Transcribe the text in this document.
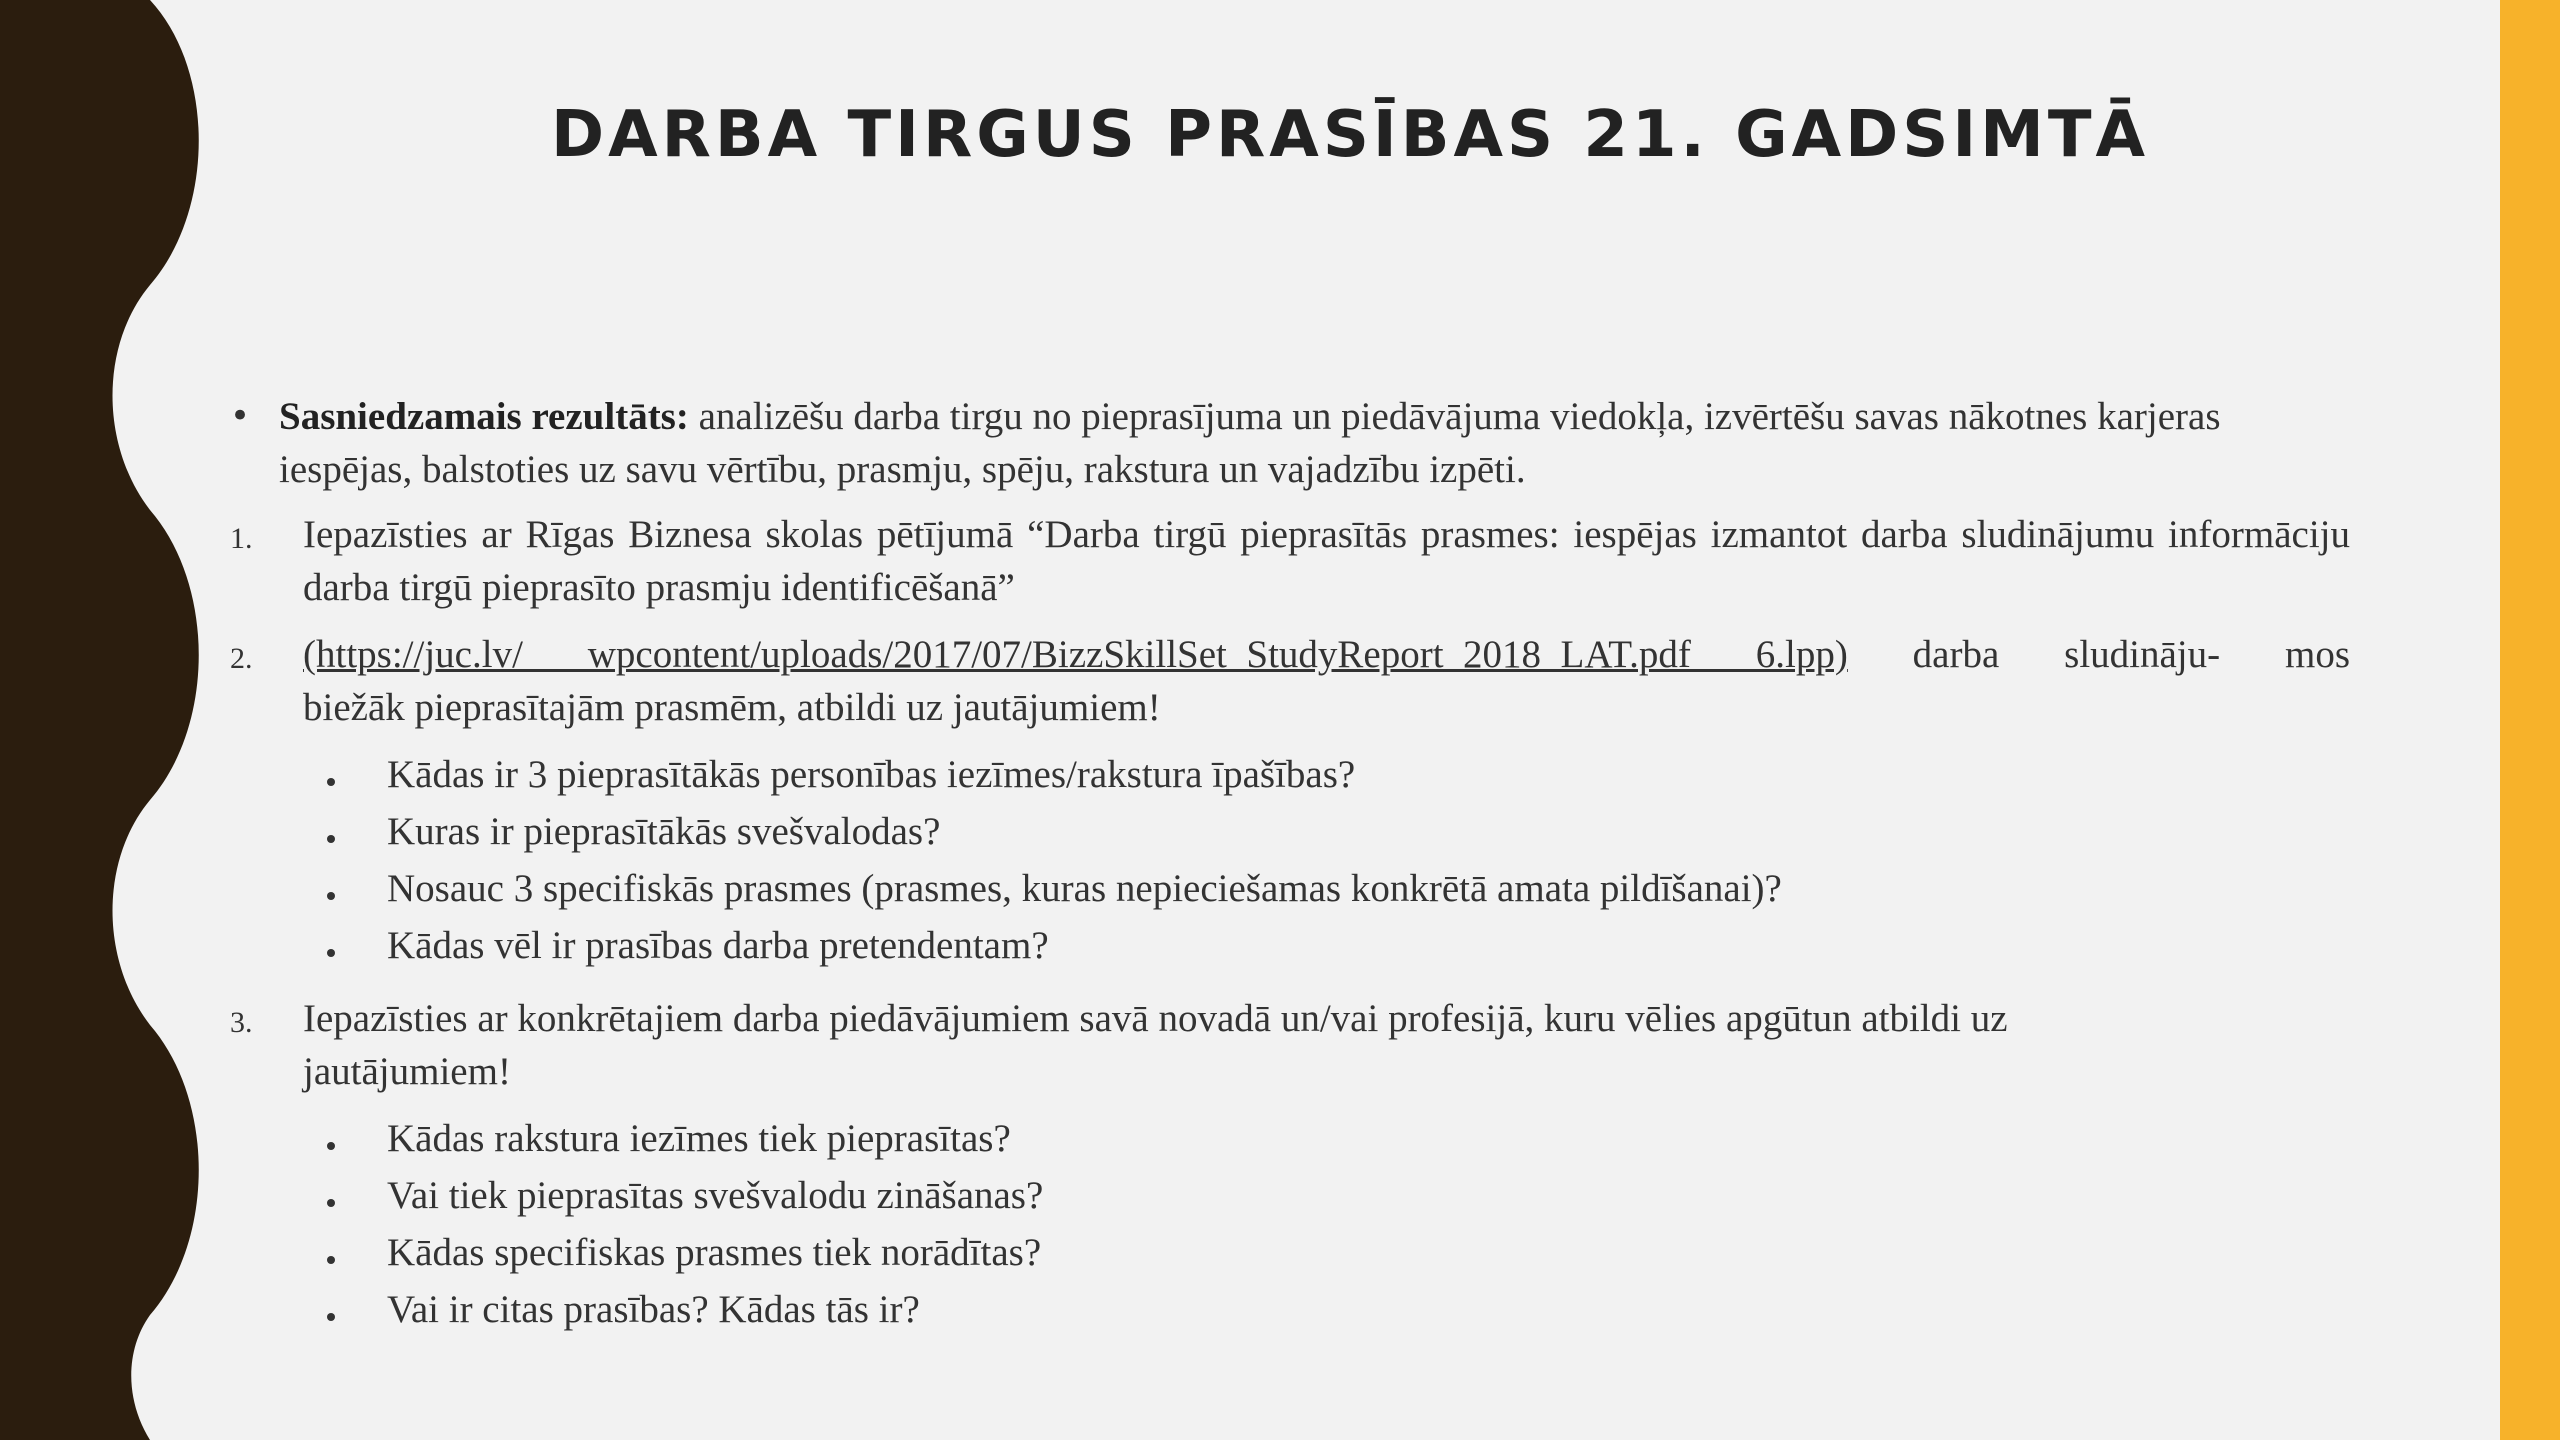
DARBA TIRGUS PRASĪBAS 21. GADSIMTĀ
• Sasniedzamais rezultāts: analizēšu darba tirgu no pieprasījuma un piedāvājuma viedokļa, izvērtēšu savas nākotnes karjeras iespējas, balstoties uz savu vērtību, prasmju, spēju, rakstura un vajadzību izpēti.
1. Iepazīsties ar Rīgas Biznesa skolas pētījumā “Darba tirgū pieprasītās prasmes: iespējas izmantot darba sludinājumu informāciju darba tirgū pieprasīto prasmju identificēšanā”
2. (https://juc.lv/ wpcontent/uploads/2017/07/BizzSkillSet_StudyReport_2018_LAT.pdf 6.lpp) darba sludināju- mos
biežāk pieprasītajām prasmēm, atbildi uz jautājumiem!
Kādas ir 3 pieprasītākās personības iezīmes/rakstura īpašības?
Kuras ir pieprasītākās svešvalodas?
Nosauc 3 specifiskās prasmes (prasmes, kuras nepieciešamas konkrētā amata pildīšanai)?
Kādas vēl ir prasības darba pretendentam?
3. Iepazīsties ar konkrētajiem darba piedāvājumiem savā novadā un/vai profesijā, kuru vēlies apgūtun atbildi uz jautājumiem!
Kādas rakstura iezīmes tiek pieprasītas?
Vai tiek pieprasītas svešvalodu zināšanas?
Kādas specifiskas prasmes tiek norādītas?
Vai ir citas prasības? Kādas tās ir?
